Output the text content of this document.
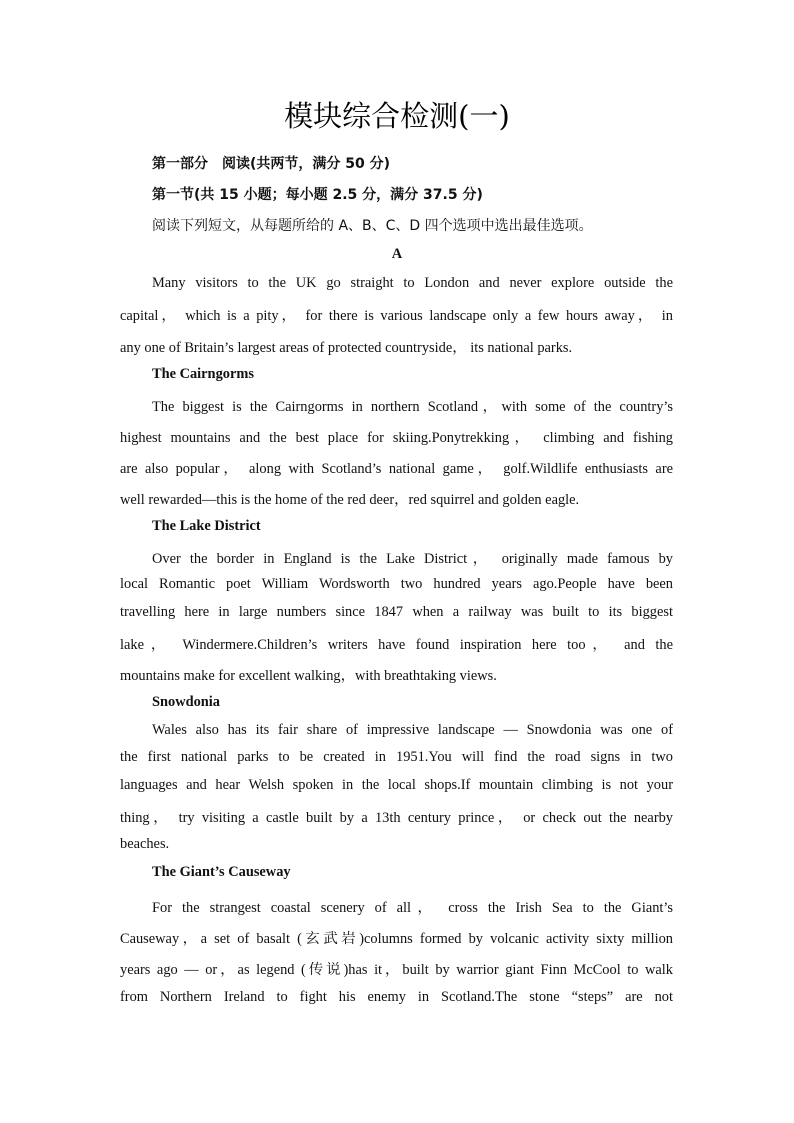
模块综合检测(一)
第一部分　阅读(共两节，满分 50 分)
第一节(共 15 小题；每小题 2.5 分，满分 37.5 分)
阅读下列短文，从每题所给的 A、B、C、D 四个选项中选出最佳选项。
A
Many visitors to the UK go straight to London and never explore outside the
capital， which is a pity， for there is various landscape only a few hours away， in
any one of Britain’s largest areas of protected countryside， its national parks.
The Cairngorms
The biggest is the Cairngorms in northern Scotland，with some of the country’s
highest mountains and the best place for skiing.Ponytrekking， climbing and fishing
are also popular， along with Scotland’s national game， golf.Wildlife enthusiasts are
well rewarded—this is the home of the red deer，red squirrel and golden eagle.
The Lake District
Over the border in England is the Lake District， originally made famous by
local Romantic poet William Wordsworth two hundred years ago.People have been
travelling here in large numbers since 1847 when a railway was built to its biggest
lake， Windermere.Children’s writers have found inspiration here too， and the
mountains make for excellent walking，with breathtaking views.
Snowdonia
Wales also has its fair share of impressive landscape — Snowdonia was one of
the first national parks to be created in 1951.You will find the road signs in two
languages and hear Welsh spoken in the local shops.If mountain climbing is not your
thing， try visiting a castle built by a 13th century prince， or check out the nearby
beaches.
The Giant’s Causeway
For the strangest coastal scenery of all， cross the Irish Sea to the Giant’s
Causeway，a set of basalt (玄武岩)columns formed by volcanic activity sixty million
years ago — or，as legend (传说)has it，built by warrior giant Finn McCool to walk
from Northern Ireland to fight his enemy in Scotland.The stone “steps” are not
